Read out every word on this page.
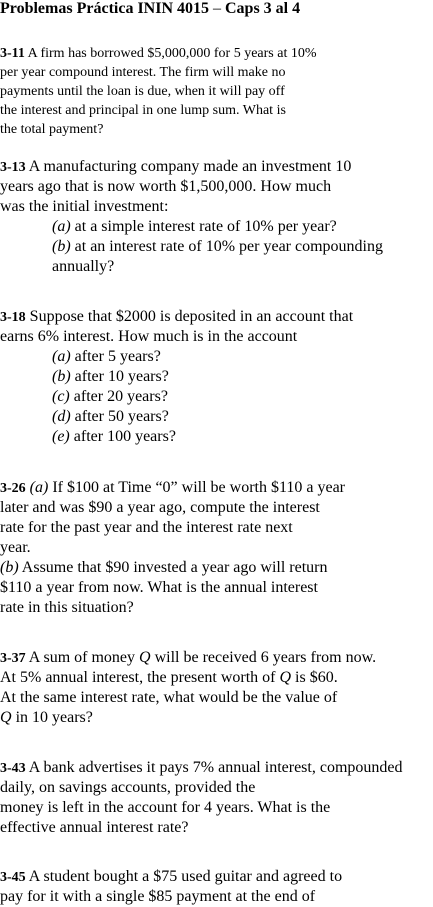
Problemas Práctica ININ 4015 – Caps 3 al 4
3-11 A firm has borrowed $5,000,000 for 5 years at 10%
per year compound interest. The firm will make no
payments until the loan is due, when it will pay off
the interest and principal in one lump sum. What is
the total payment?
3-13 A manufacturing company made an investment 10
years ago that is now worth $1,500,000. How much
was the initial investment:
(a) at a simple interest rate of 10% per year?
(b) at an interest rate of 10% per year compounding
annually?
3-18 Suppose that $2000 is deposited in an account that
earns 6% interest. How much is in the account
(a) after 5 years?
(b) after 10 years?
(c) after 20 years?
(d) after 50 years?
(e) after 100 years?
3-26 (a) If $100 at Time “0” will be worth $110 a year
later and was $90 a year ago, compute the interest
rate for the past year and the interest rate next
year.
(b) Assume that $90 invested a year ago will return
$110 a year from now. What is the annual interest
rate in this situation?
3-37 A sum of money Q will be received 6 years from now.
At 5% annual interest, the present worth of Q is $60.
At the same interest rate, what would be the value of
Q in 10 years?
3-43 A bank advertises it pays 7% annual interest, compounded
daily, on savings accounts, provided the
money is left in the account for 4 years. What is the
effective annual interest rate?
3-45 A student bought a $75 used guitar and agreed to
pay for it with a single $85 payment at the end of
